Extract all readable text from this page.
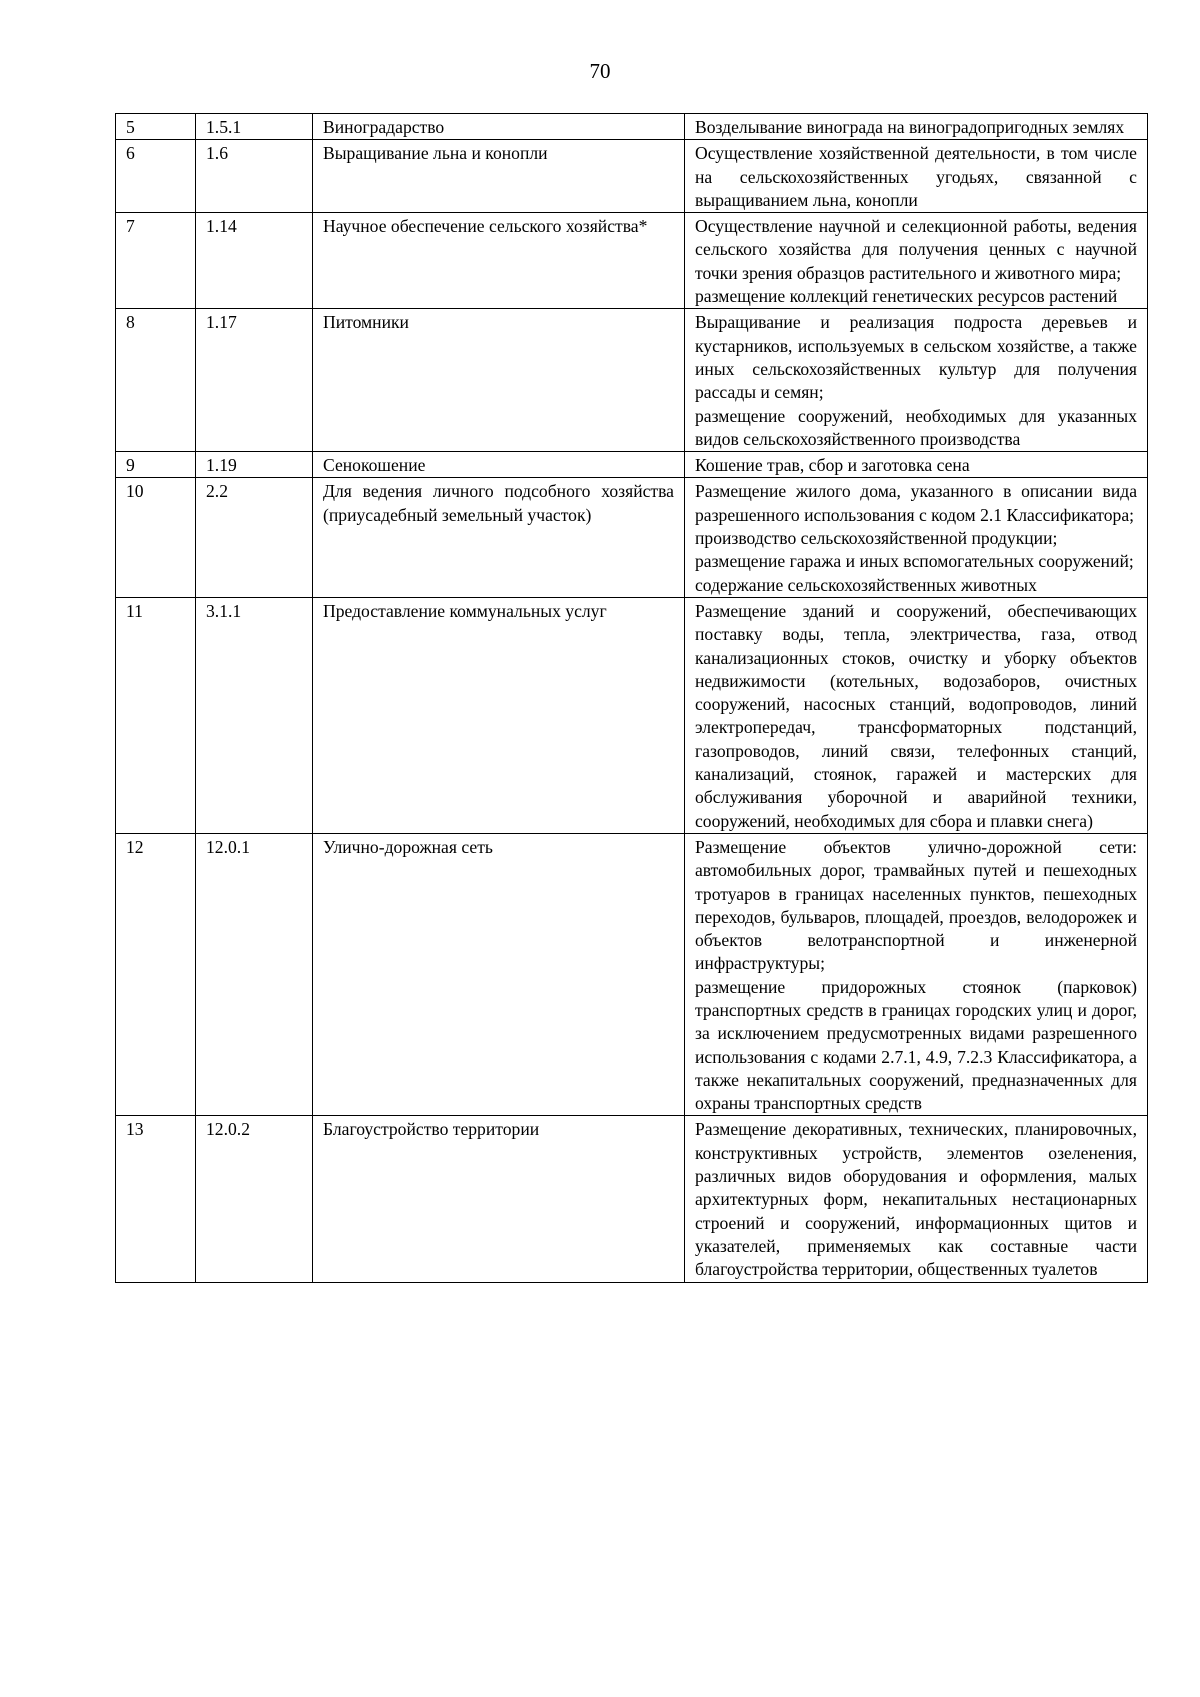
70
5	1.5.1	Виноградарство	Возделывание винограда на виноградопригодных землях

6	1.6	Выращивание льна и конопли	Осуществление хозяйственной деятельности, в том числе на сельскохозяйственных угодьях, связанной с выращиванием льна, конопли

7	1.14	Научное обеспечение сельского хозяйства*	Осуществление научной и селекционной работы, ведения сельского хозяйства для получения ценных с научной точки зрения образцов растительного и животного мира;
размещение коллекций генетических ресурсов растений

8	1.17	Питомники	Выращивание и реализация подроста деревьев и кустарников, используемых в сельском хозяйстве, а также иных сельскохозяйственных культур для получения рассады и семян;
размещение сооружений, необходимых для указанных видов сельскохозяйственного производства

9	1.19	Сенокошение	Кошение трав, сбор и заготовка сена

10	2.2	Для ведения личного подсобного хозяйства (приусадебный земельный участок)	Размещение жилого дома, указанного в описании вида разрешенного использования с кодом 2.1 Классификатора;
производство сельскохозяйственной продукции;
размещение гаража и иных вспомогательных сооружений;
содержание сельскохозяйственных животных

11	3.1.1	Предоставление коммунальных услуг	Размещение зданий и сооружений, обеспечивающих поставку воды, тепла, электричества, газа, отвод канализационных стоков, очистку и уборку объектов недвижимости (котельных, водозаборов, очистных сооружений, насосных станций, водопроводов, линий электропередач, трансформаторных подстанций, газопроводов, линий связи, телефонных станций, канализаций, стоянок, гаражей и мастерских для обслуживания уборочной и аварийной техники, сооружений, необходимых для сбора и плавки снега)

12	12.0.1	Улично-дорожная сеть	Размещение объектов улично-дорожной сети: автомобильных дорог, трамвайных путей и пешеходных тротуаров в границах населенных пунктов, пешеходных переходов, бульваров, площадей, проездов, велодорожек и объектов велотранспортной и инженерной инфраструктуры;
размещение придорожных стоянок (парковок) транспортных средств в границах городских улиц и дорог, за исключением предусмотренных видами разрешенного использования с кодами 2.7.1, 4.9, 7.2.3 Классификатора, а также некапитальных сооружений, предназначенных для охраны транспортных средств

13	12.0.2	Благоустройство территории	Размещение декоративных, технических, планировочных, конструктивных устройств, элементов озеленения, различных видов оборудования и оформления, малых архитектурных форм, некапитальных нестационарных строений и сооружений, информационных щитов и указателей, применяемых как составные части благоустройства территории, общественных туалетов
